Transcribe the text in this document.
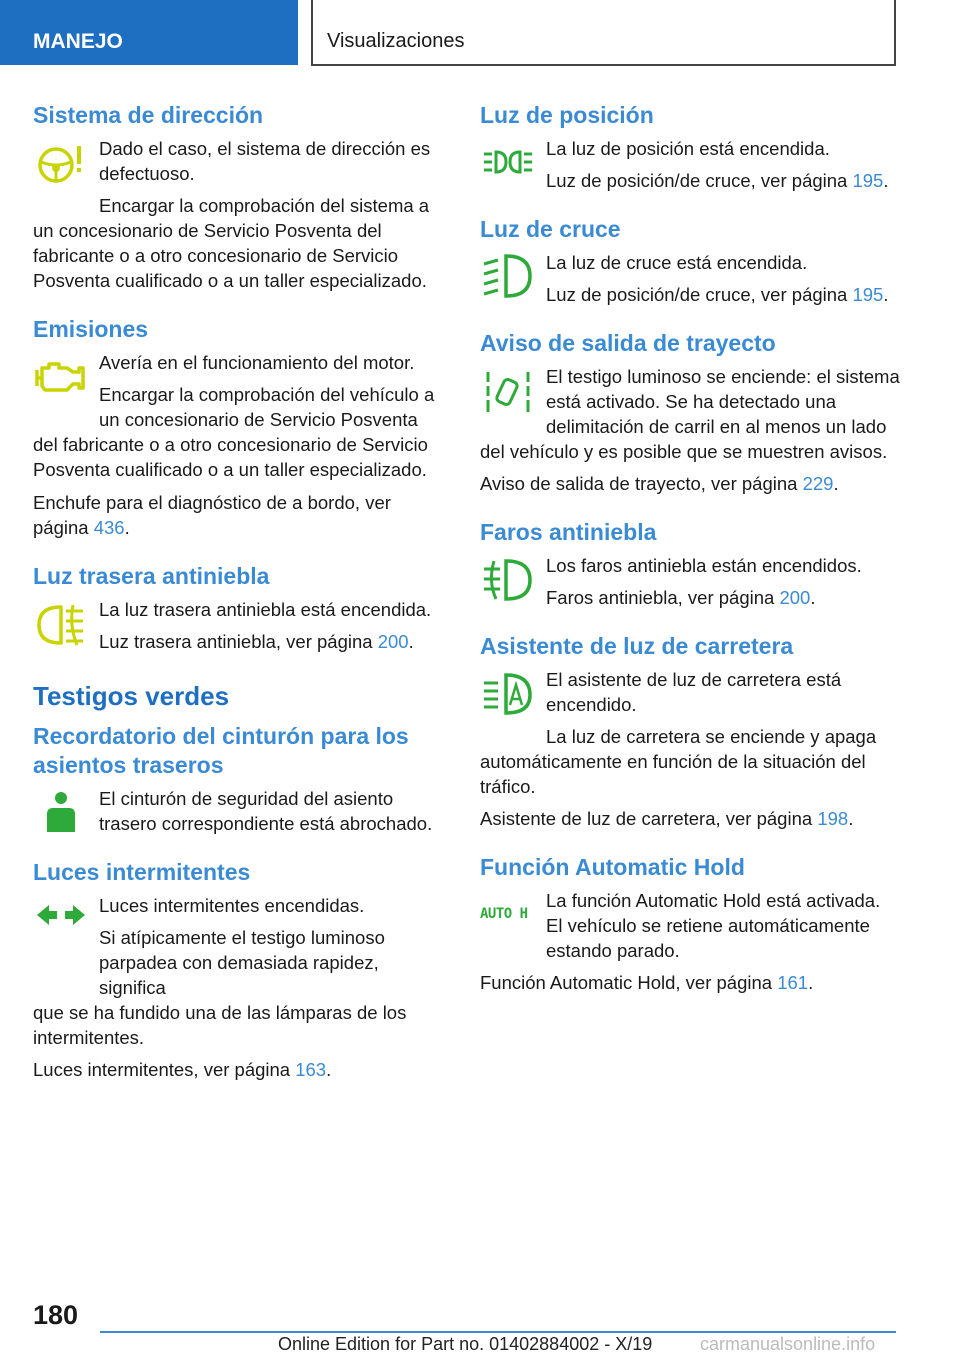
MANEJO	Visualizaciones
Sistema de dirección

Dado el caso, el sistema de dirección es defectuoso.

Encargar la comprobación del sistema a

un concesionario de Servicio Posventa del fabricante o a otro concesionario de Servicio Posventa cualificado o a un taller especializado.

Emisiones

Avería en el funcionamiento del motor.

Encargar la comprobación del vehículo a un concesionario de Servicio Posventa

del fabricante o a otro concesionario de Servicio Posventa cualificado o a un taller especializado.

Enchufe para el diagnóstico de a bordo, ver página 436.

Luz trasera antiniebla

La luz trasera antiniebla está encendida.

Luz trasera antiniebla, ver página 200.

Testigos verdes
Recordatorio del cinturón para los asientos traseros

El cinturón de seguridad del asiento trasero correspondiente está abrochado.

Luces intermitentes

Luces intermitentes encendidas.

Si atípicamente el testigo luminoso parpadea con demasiada rapidez, significa

que se ha fundido una de las lámparas de los intermitentes.

Luces intermitentes, ver página 163.

Luz de posición

La luz de posición está encendida.

Luz de posición/de cruce, ver página 195.

Luz de cruce

La luz de cruce está encendida.

Luz de posición/de cruce, ver página 195.

Aviso de salida de trayecto

El testigo luminoso se enciende: el sistema está activado. Se ha detectado una delimitación de carril en al menos un lado

del vehículo y es posible que se muestren avisos.

Aviso de salida de trayecto, ver página 229.

Faros antiniebla

Los faros antiniebla están encendidos.

Faros antiniebla, ver página 200.

Asistente de luz de carretera

El asistente de luz de carretera está encendido.

La luz de carretera se enciende y apaga

automáticamente en función de la situación del tráfico.

Asistente de luz de carretera, ver página 198.

Función Automatic Hold
AUTO H

La función Automatic Hold está activada. El vehículo se retiene automáticamente estando parado.

Función Automatic Hold, ver página 161.

180
Online Edition for Part no. 01402884002 - X/19	carmanualsonline.info
